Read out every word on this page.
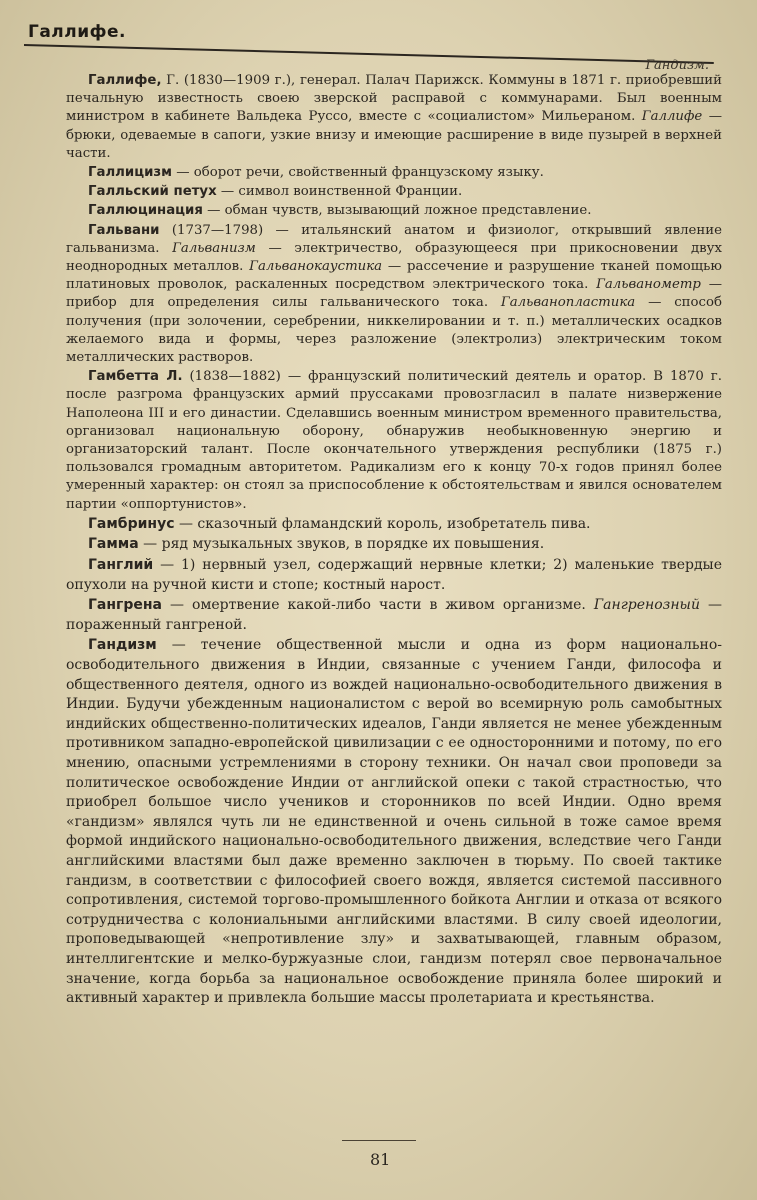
Галлифе.
Гандизм.

Галлифе, Г. (1830—1909 г.), генерал. Палач Парижск. Коммуны в 1871 г. приобревший печальную известность своею зверской расправой с коммунарами. Был военным министром в кабинете Вальдека Руссо, вместе с «социалистом» Мильераном. Галлифе — брюки, одеваемые в сапоги, узкие внизу и имеющие расширение в виде пузырей в верхней части.

Галлицизм — оборот речи, свойственный французскому языку.

Галльский петух — символ воинственной Франции.

Галлюцинация — обман чувств, вызывающий ложное представление.

Гальвани (1737—1798) — итальянский анатом и физиолог, открывший явление гальванизма. Гальванизм — электричество, образующееся при прикосновении двух неоднородных металлов. Гальванокаустика — рассечение и разрушение тканей помощью платиновых проволок, раскаленных посредством электрического тока. Гальванометр — прибор для определения силы гальванического тока. Гальванопластика — способ получения (при золочении, серебрении, никкелировании и т. п.) металлических осадков желаемого вида и формы, через разложение (электролиз) электрическим током металлических растворов.

Гамбетта Л. (1838—1882) — французский политический деятель и оратор. В 1870 г. после разгрома французских армий пруссаками провозгласил в палате низвержение Наполеона III и его династии. Сделавшись военным министром временного правительства, организовал национальную оборону, обнаружив необыкновенную энергию и организаторский талант. После окончательного утверждения республики (1875 г.) пользовался громадным авторитетом. Радикализм его к концу 70-х годов принял более умеренный характер: он стоял за приспособление к обстоятельствам и явился основателем партии «оппортунистов».

Гамбринус — сказочный фламандский король, изобретатель пива.

Гамма — ряд музыкальных звуков, в порядке их повышения.

Ганглий — 1) нервный узел, содержащий нервные клетки; 2) маленькие твердые опухоли на ручной кисти и стопе; костный нарост.

Гангрена — омертвение какой-либо части в живом организме. Гангренозный — пораженный гангреной.

Гандизм — течение общественной мысли и одна из форм национально-освободительного движения в Индии, связанные с учением Ганди, философа и общественного деятеля, одного из вождей национально-освободительного движения в Индии. Будучи убежденным националистом с верой во всемирную роль самобытных индийских общественно-политических идеалов, Ганди является не менее убежденным противником западно-европейской цивилизации с ее односторонними и потому, по его мнению, опасными устремлениями в сторону техники. Он начал свои проповеди за политическое освобождение Индии от английской опеки с такой страстностью, что приобрел большое число учеников и сторонников по всей Индии. Одно время «гандизм» являлся чуть ли не единственной и очень сильной в тоже самое время формой индийского национально-освободительного движения, вследствие чего Ганди английскими властями был даже временно заключен в тюрьму. По своей тактике гандизм, в соответствии с философией своего вождя, является системой пассивного сопротивления, системой торгово-промышленного бойкота Англии и отказа от всякого сотрудничества с колониальными английскими властями. В силу своей идеологии, проповедывающей «непротивление злу» и захватывающей, главным образом, интеллигентские и мелко-буржуазные слои, гандизм потерял свое первоначальное значение, когда борьба за национальное освобождение приняла более широкий и активный характер и привлекла большие массы пролетариата и крестьянства.

81
